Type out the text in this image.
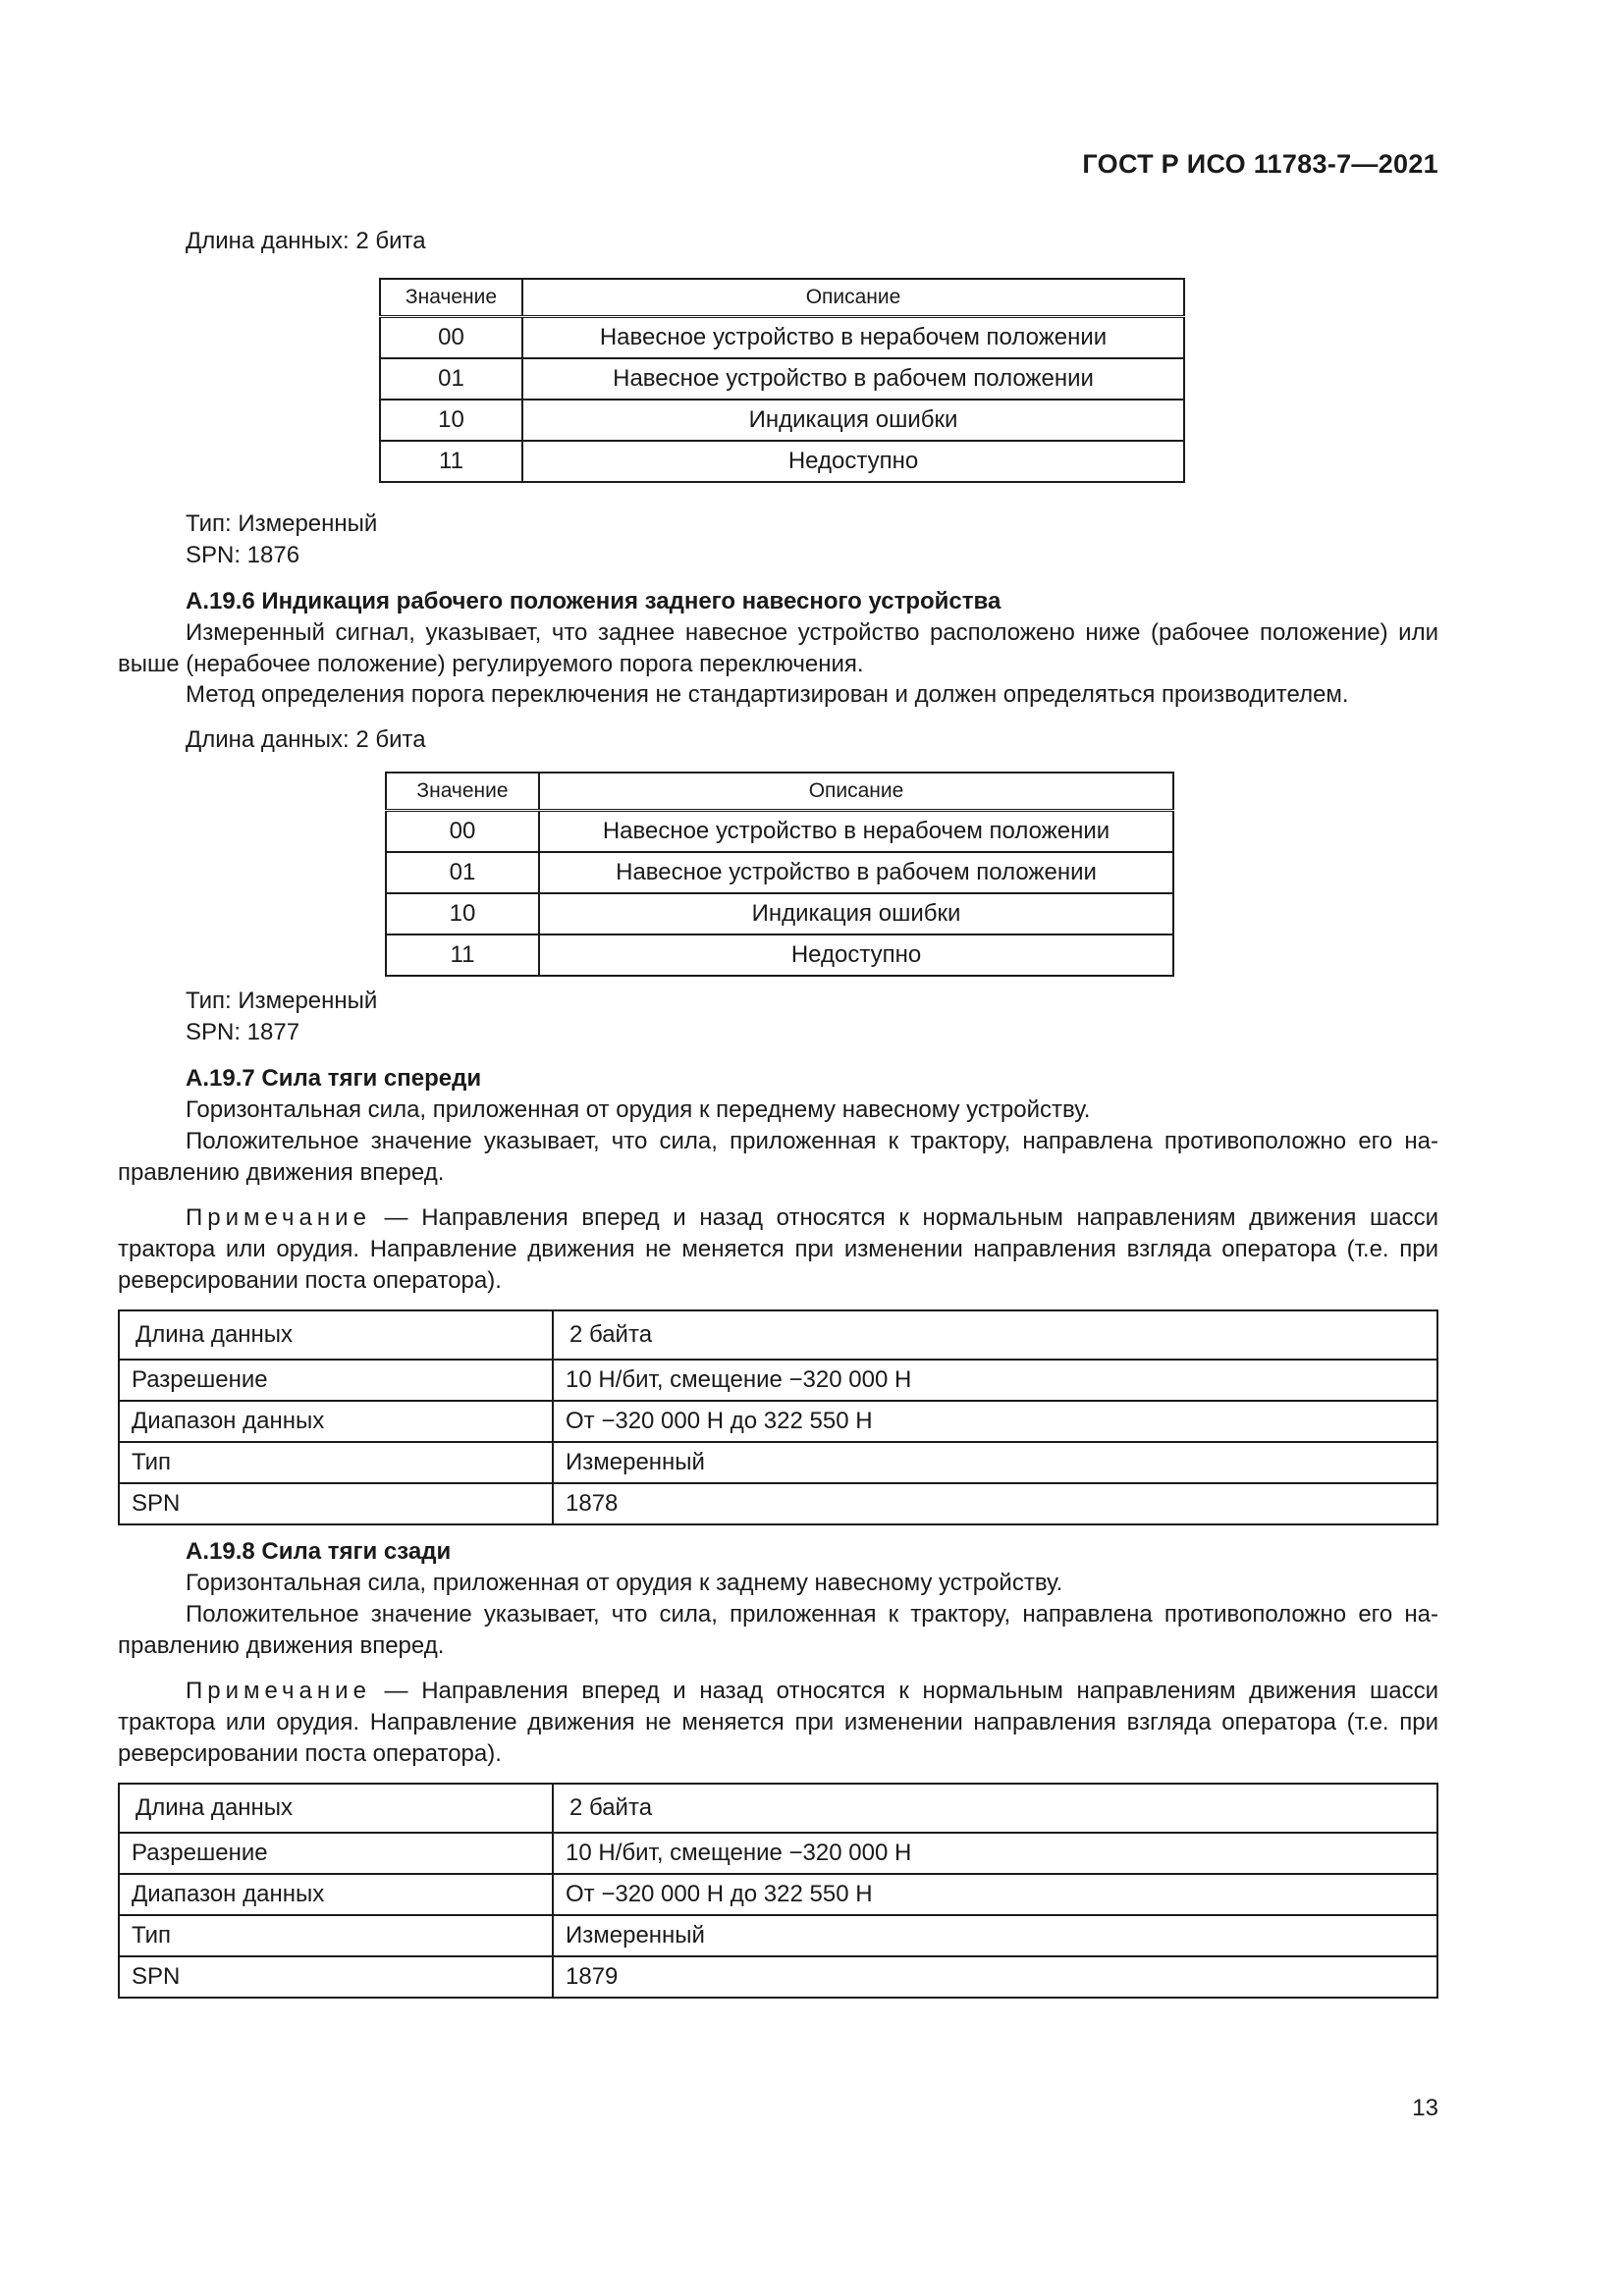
ГОСТ Р ИСО 11783-7—2021
Длина данных: 2 бита
Значение	Описание
00	Навесное устройство в нерабочем положении
01	Навесное устройство в рабочем положении
10	Индикация ошибки
11	Недоступно
Тип: Измеренный
SPN: 1876
A.19.6 Индикация рабочего положения заднего навесного устройства
Измеренный сигнал, указывает, что заднее навесное устройство расположено ниже (рабочее положение) или выше (нерабочее положение) регулируемого порога переключения.
Метод определения порога переключения не стандартизирован и должен определяться производителем.
Длина данных: 2 бита
Значение	Описание
00	Навесное устройство в нерабочем положении
01	Навесное устройство в рабочем положении
10	Индикация ошибки
11	Недоступно
Тип: Измеренный
SPN: 1877
A.19.7 Сила тяги спереди
Горизонтальная сила, приложенная от орудия к переднему навесному устройству.
Положительное значение указывает, что сила, приложенная к трактору, направлена противоположно его на-правлению движения вперед.
Примечание — Направления вперед и назад относятся к нормальным направлениям движения шасси трактора или орудия. Направление движения не меняется при изменении направления взгляда оператора (т.е. при реверсировании поста оператора).
Длина данных	2 байта
Разрешение	10 Н/бит, смещение −320 000 Н
Диапазон данных	От −320 000 Н до 322 550 Н
Тип	Измеренный
SPN	1878
A.19.8 Сила тяги сзади
Горизонтальная сила, приложенная от орудия к заднему навесному устройству.
Положительное значение указывает, что сила, приложенная к трактору, направлена противоположно его на-правлению движения вперед.
Примечание — Направления вперед и назад относятся к нормальным направлениям движения шасси трактора или орудия. Направление движения не меняется при изменении направления взгляда оператора (т.е. при реверсировании поста оператора).
Длина данных	2 байта
Разрешение	10 Н/бит, смещение −320 000 Н
Диапазон данных	От −320 000 Н до 322 550 Н
Тип	Измеренный
SPN	1879
13
